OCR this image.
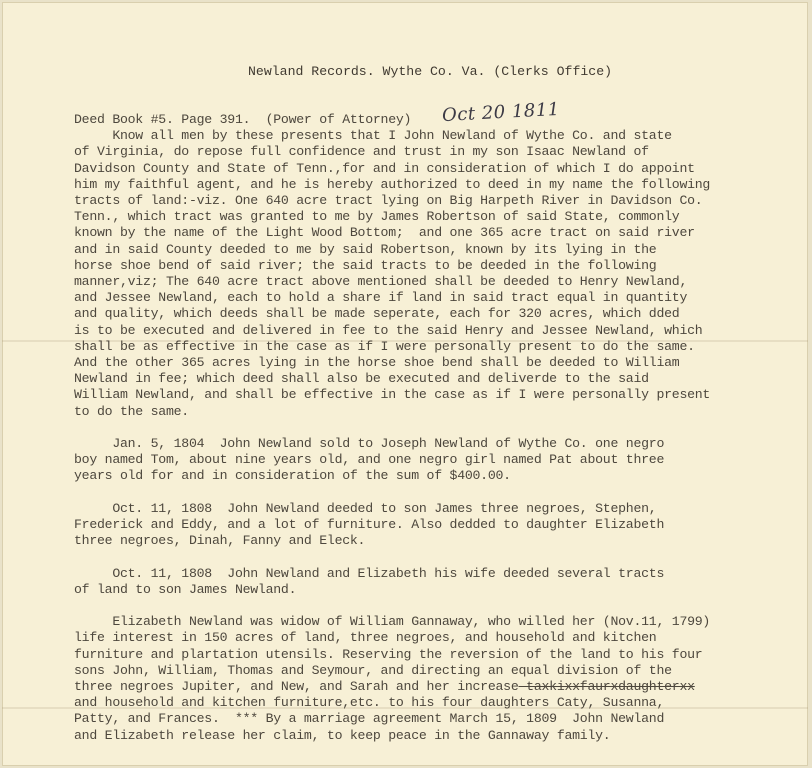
Newland Records. Wythe Co. Va. (Clerks Office)
Oct 20 1811
Deed Book #5. Page 391.  (Power of Attorney)
Know all men by these presents that I John Newland of Wythe Co. and state
of Virginia, do repose full confidence and trust in my son Isaac Newland of
Davidson County and State of Tenn.,for and in consideration of which I do appoint
him my faithful agent, and he is hereby authorized to deed in my name the following
tracts of land:-viz. One 640 acre tract lying on Big Harpeth River in Davidson Co.
Tenn., which tract was granted to me by James Robertson of said State, commonly
known by the name of the Light Wood Bottom;  and one 365 acre tract on said river
and in said County deeded to me by said Robertson, known by its lying in the
horse shoe bend of said river; the said tracts to be deeded in the following
manner,viz; The 640 acre tract above mentioned shall be deeded to Henry Newland,
and Jessee Newland, each to hold a share if land in said tract equal in quantity
and quality, which deeds shall be made seperate, each for 320 acres, which dded
is to be executed and delivered in fee to the said Henry and Jessee Newland, which
shall be as effective in the case as if I were personally present to do the same.
And the other 365 acres lying in the horse shoe bend shall be deeded to William
Newland in fee; which deed shall also be executed and deliverde to the said
William Newland, and shall be effective in the case as if I were personally present
to do the same.
Jan. 5, 1804  John Newland sold to Joseph Newland of Wythe Co. one negro
boy named Tom, about nine years old, and one negro girl named Pat about three
years old for and in consideration of the sum of $400.00.
Oct. 11, 1808  John Newland deeded to son James three negroes, Stephen,
Frederick and Eddy, and a lot of furniture. Also dedded to daughter Elizabeth
three negroes, Dinah, Fanny and Eleck.
Oct. 11, 1808  John Newland and Elizabeth his wife deeded several tracts
of land to son James Newland.
Elizabeth Newland was widow of William Gannaway, who willed her (Nov.11, 1799)
life interest in 150 acres of land, three negroes, and household and kitchen
furniture and plartation utensils. Reserving the reversion of the land to his four
sons John, William, Thomas and Seymour, and directing an equal division of the
three negroes Jupiter, and New, and Sarah and her increase taxkixxfaurxdaughterxx
and household and kitchen furniture,etc. to his four daughters Caty, Susanna,
Patty, and Frances.  *** By a marriage agreement March 15, 1809  John Newland
and Elizabeth release her claim, to keep peace in the Gannaway family.
